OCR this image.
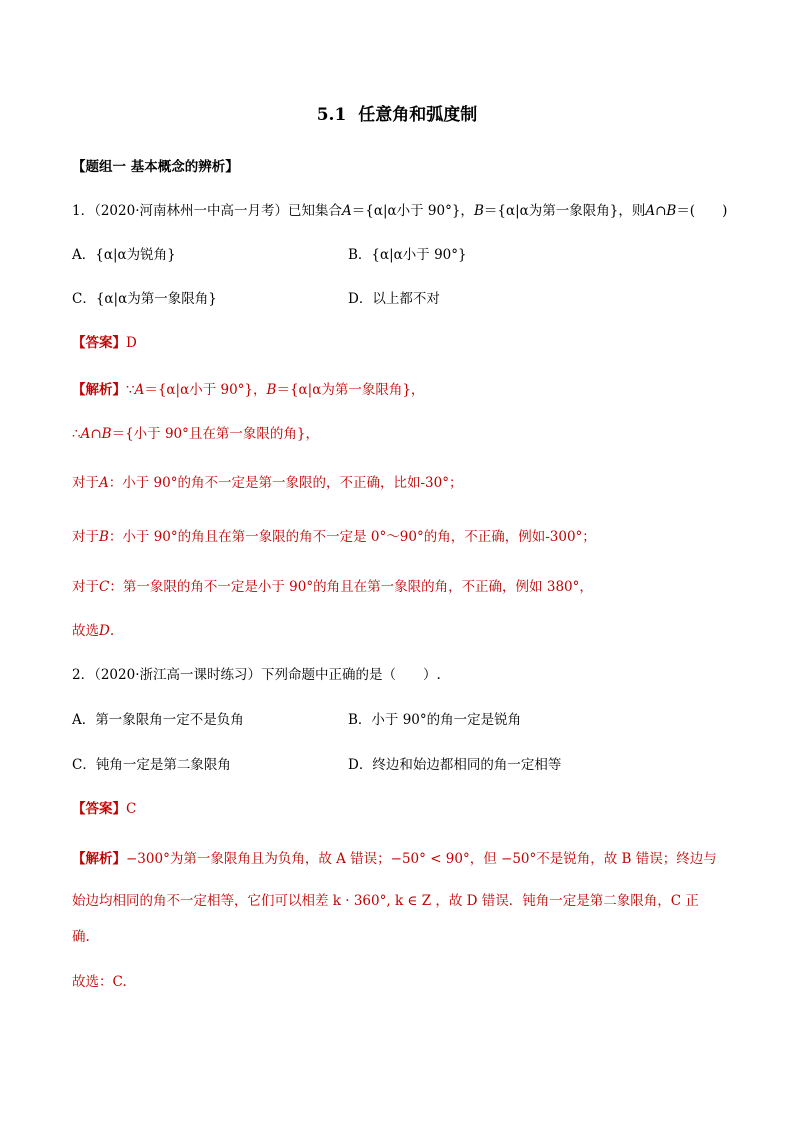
5.1 任意角和弧度制
【题组一 基本概念的辨析】
1．（2020·河南林州一中高一月考）已知集合A＝{α|α小于 90°}，B＝{α|α为第一象限角}，则A∩B＝(　　)
A．{α|α为锐角}	B．{α|α小于 90°}
C．{α|α为第一象限角}	D．以上都不对
【答案】D
【解析】∵A＝{α|α小于 90°}，B＝{α|α为第一象限角}，
∴A∩B＝{小于 90°且在第一象限的角}，
对于A：小于 90°的角不一定是第一象限的，不正确，比如-30°；
对于B：小于 90°的角且在第一象限的角不一定是 0°～90°的角，不正确，例如-300°；
对于C：第一象限的角不一定是小于 90°的角且在第一象限的角，不正确，例如 380°，
故选D.
2．（2020·浙江高一课时练习）下列命题中正确的是（　　）.
A．第一象限角一定不是负角	B．小于 90°的角一定是锐角
C．钝角一定是第二象限角	D．终边和始边都相同的角一定相等
【答案】C
【解析】−300°为第一象限角且为负角，故 A 错误；−50° < 90°，但 −50°不是锐角，故 B 错误；终边与
始边均相同的角不一定相等，它们可以相差 k · 360°, k ∈ Z ，故 D 错误．钝角一定是第二象限角，C 正
确.
故选：C.
